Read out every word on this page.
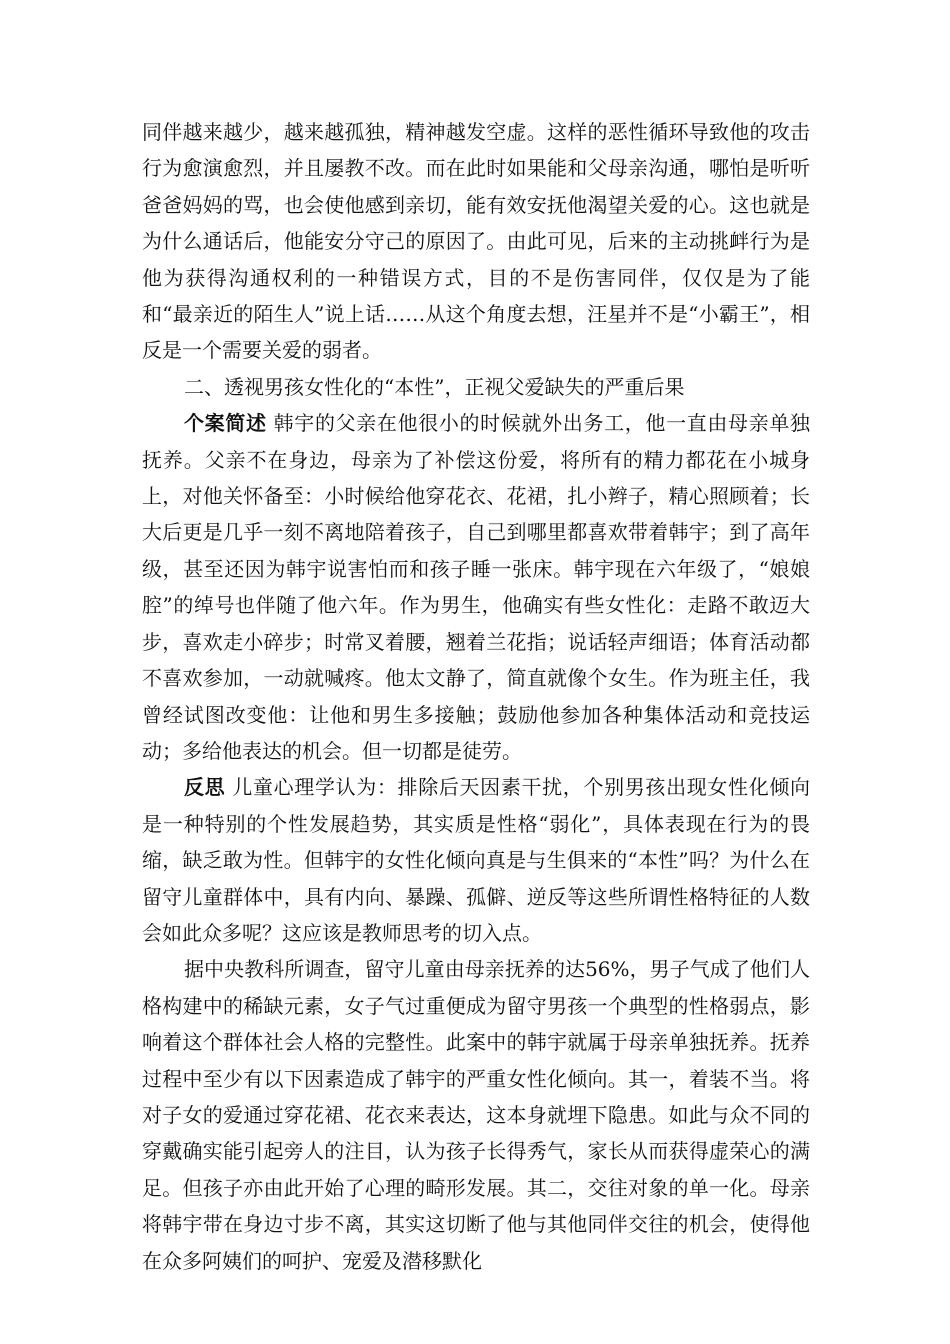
同伴越来越少，越来越孤独，精神越发空虚。这样的恶性循环导致他的攻击行为愈演愈烈，并且屡教不改。而在此时如果能和父母亲沟通，哪怕是听听爸爸妈妈的骂，也会使他感到亲切，能有效安抚他渴望关爱的心。这也就是为什么通话后，他能安分守己的原因了。由此可见，后来的主动挑衅行为是他为获得沟通权利的一种错误方式，目的不是伤害同伴，仅仅是为了能和“最亲近的陌生人”说上话……从这个角度去想，汪星并不是“小霸王”，相反是一个需要关爱的弱者。

二、透视男孩女性化的“本性”，正视父爱缺失的严重后果

个案简述 韩宇的父亲在他很小的时候就外出务工，他一直由母亲单独抚养。父亲不在身边，母亲为了补偿这份爱，将所有的精力都花在小城身上，对他关怀备至：小时候给他穿花衣、花裙，扎小辫子，精心照顾着；长大后更是几乎一刻不离地陪着孩子，自己到哪里都喜欢带着韩宇；到了高年级，甚至还因为韩宇说害怕而和孩子睡一张床。韩宇现在六年级了，“娘娘腔”的绰号也伴随了他六年。作为男生，他确实有些女性化：走路不敢迈大步，喜欢走小碎步；时常叉着腰，翘着兰花指；说话轻声细语；体育活动都不喜欢参加，一动就喊疼。他太文静了，简直就像个女生。作为班主任，我曾经试图改变他：让他和男生多接触；鼓励他参加各种集体活动和竞技运动；多给他表达的机会。但一切都是徒劳。

反思 儿童心理学认为：排除后天因素干扰，个别男孩出现女性化倾向是一种特别的个性发展趋势，其实质是性格“弱化”，具体表现在行为的畏缩，缺乏敢为性。但韩宇的女性化倾向真是与生俱来的“本性”吗？为什么在留守儿童群体中，具有内向、暴躁、孤僻、逆反等这些所谓性格特征的人数会如此众多呢？这应该是教师思考的切入点。

据中央教科所调查，留守儿童由母亲抚养的达56%，男子气成了他们人格构建中的稀缺元素，女子气过重便成为留守男孩一个典型的性格弱点，影响着这个群体社会人格的完整性。此案中的韩宇就属于母亲单独抚养。抚养过程中至少有以下因素造成了韩宇的严重女性化倾向。其一，着装不当。将对子女的爱通过穿花裙、花衣来表达，这本身就埋下隐患。如此与众不同的穿戴确实能引起旁人的注目，认为孩子长得秀气，家长从而获得虚荣心的满足。但孩子亦由此开始了心理的畸形发展。其二，交往对象的单一化。母亲将韩宇带在身边寸步不离，其实这切断了他与其他同伴交往的机会，使得他在众多阿姨们的呵护、宠爱及潜移默化
